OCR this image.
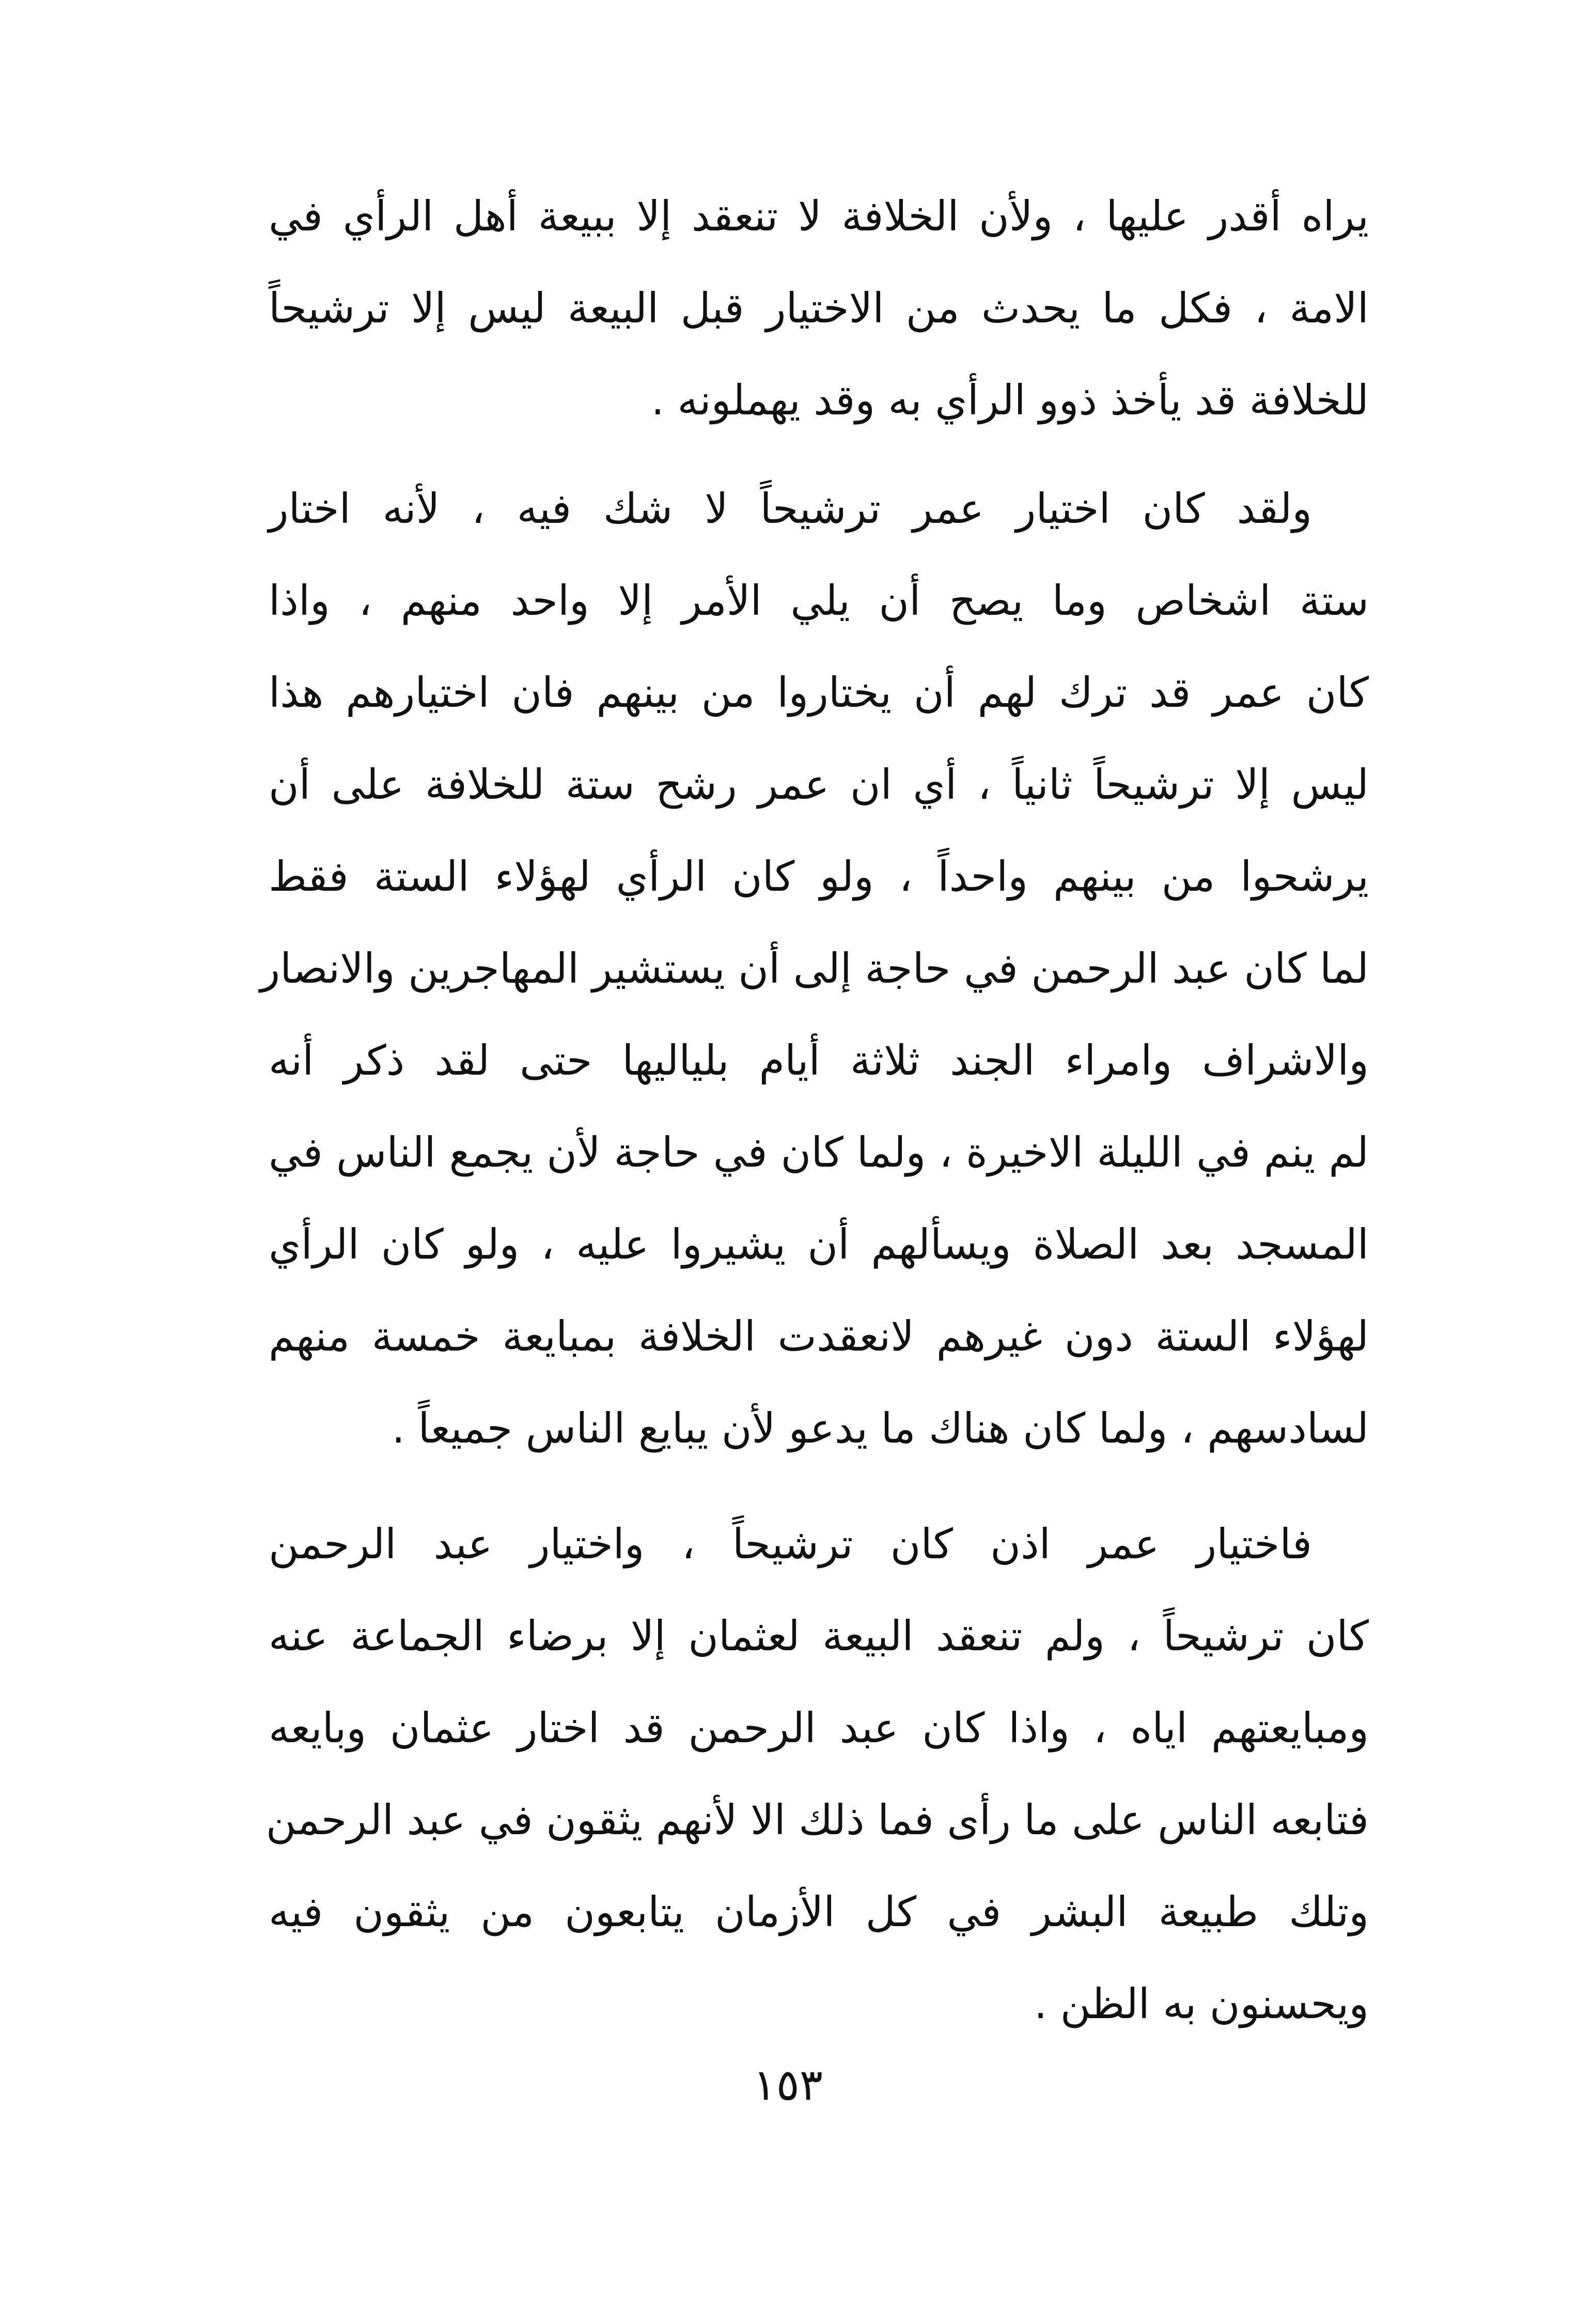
يراه أقدر عليها ، ولأن الخلافة لا تنعقد إلا ببيعة أهل الرأي في
الامة ، فكل ما يحدث من الاختيار قبل البيعة ليس إلا ترشيحاً
للخلافة قد يأخذ ذوو الرأي به وقد يهملونه .
ولقد كان اختيار عمر ترشيحاً لا شك فيه ، لأنه اختار
ستة اشخاص وما يصح أن يلي الأمر إلا واحد منهم ، واذا
كان عمر قد ترك لهم أن يختاروا من بينهم فان اختيارهم هذا
ليس إلا ترشيحاً ثانياً ، أي ان عمر رشح ستة للخلافة على أن
يرشحوا من بينهم واحداً ، ولو كان الرأي لهؤلاء الستة فقط
لما كان عبد الرحمن في حاجة إلى أن يستشير المهاجرين والانصار
والاشراف وامراء الجند ثلاثة أيام بلياليها حتى لقد ذكر أنه
لم ينم في الليلة الاخيرة ، ولما كان في حاجة لأن يجمع الناس في
المسجد بعد الصلاة ويسألهم أن يشيروا عليه ، ولو كان الرأي
لهؤلاء الستة دون غيرهم لانعقدت الخلافة بمبايعة خمسة منهم
لسادسهم ، ولما كان هناك ما يدعو لأن يبايع الناس جميعاً .
فاختيار عمر اذن كان ترشيحاً ، واختيار عبد الرحمن
كان ترشيحاً ، ولم تنعقد البيعة لعثمان إلا برضاء الجماعة عنه
ومبايعتهم اياه ، واذا كان عبد الرحمن قد اختار عثمان وبايعه
فتابعه الناس على ما رأى فما ذلك الا لأنهم يثقون في عبد الرحمن
وتلك طبيعة البشر في كل الأزمان يتابعون من يثقون فيه
ويحسنون به الظن .
١٥٣
